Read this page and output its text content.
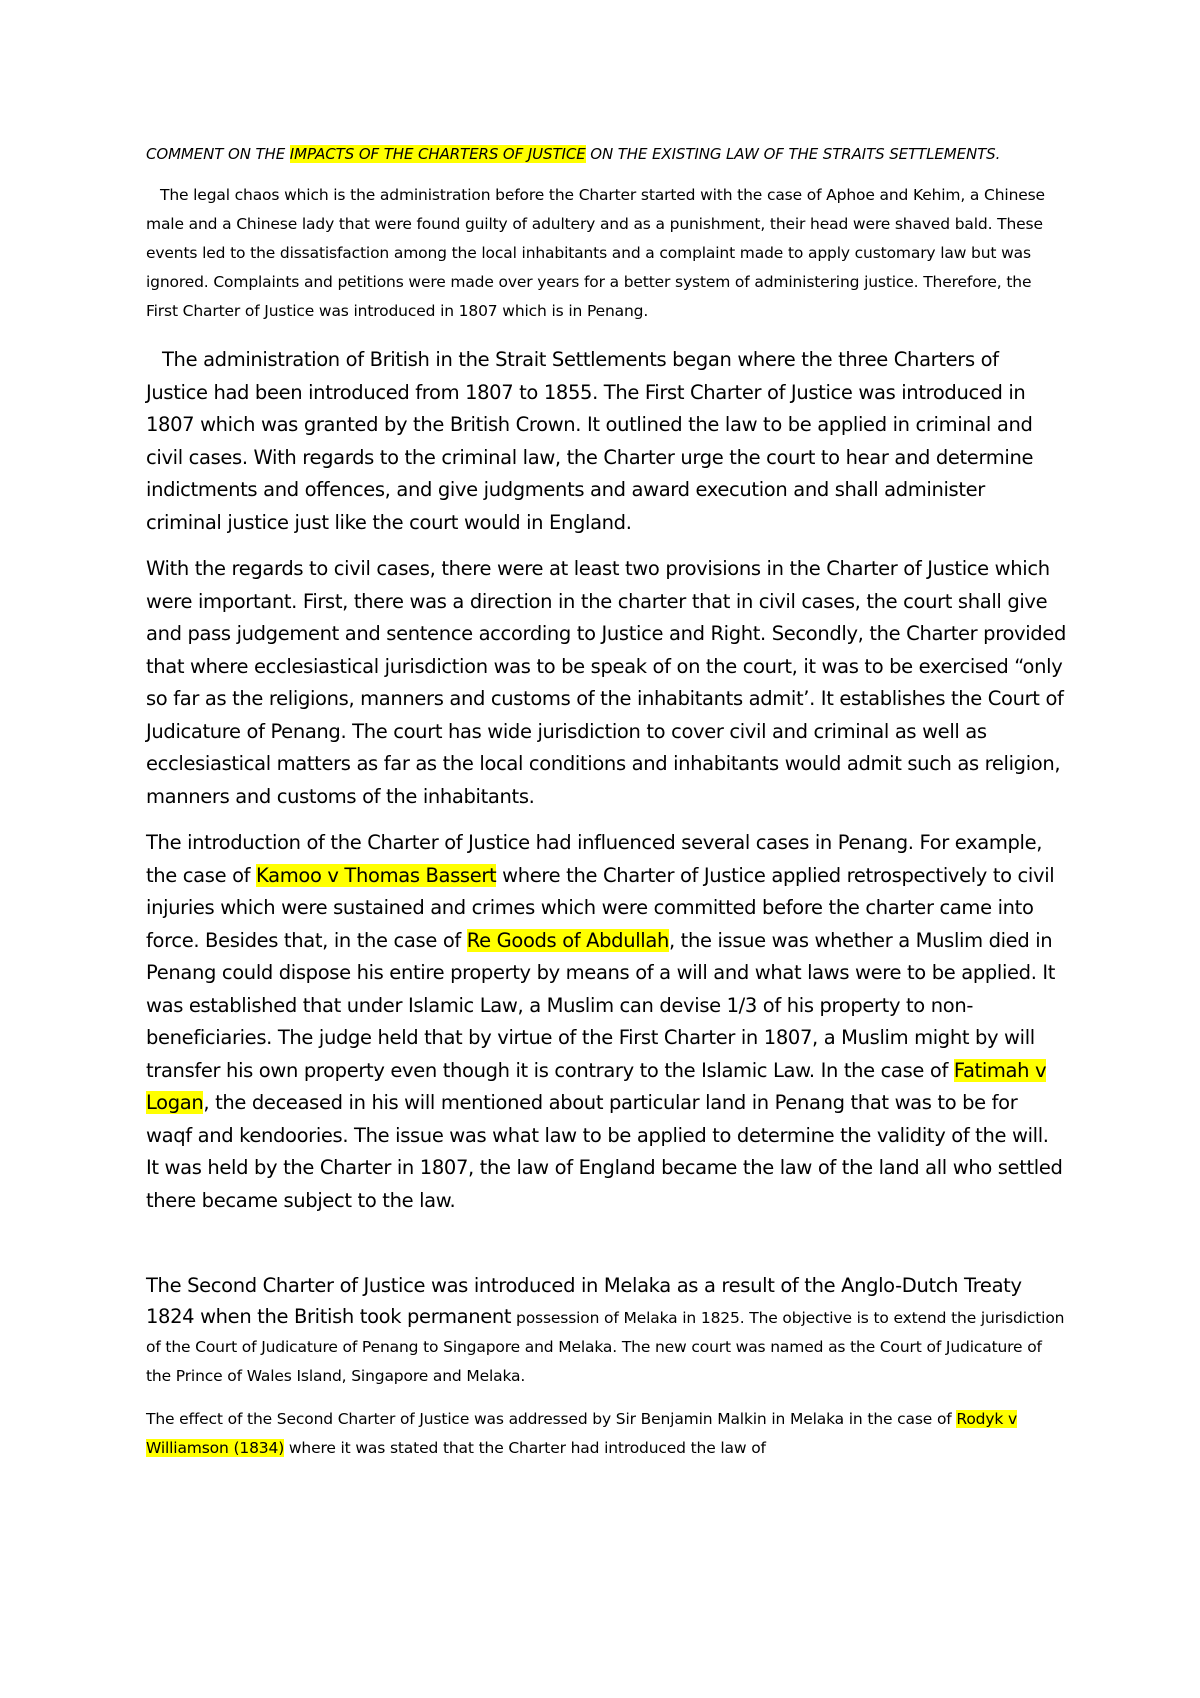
COMMENT ON THE IMPACTS OF THE CHARTERS OF JUSTICE ON THE EXISTING LAW OF THE STRAITS SETTLEMENTS.

The legal chaos which is the administration before the Charter started with the case of Aphoe and Kehim, a Chinese male and a Chinese lady that were found guilty of adultery and as a punishment, their head were shaved bald. These events led to the dissatisfaction among the local inhabitants and a complaint made to apply customary law but was ignored. Complaints and petitions were made over years for a better system of administering justice. Therefore, the First Charter of Justice was introduced in 1807 which is in Penang.

The administration of British in the Strait Settlements began where the three Charters of Justice had been introduced from 1807 to 1855. The First Charter of Justice was introduced in 1807 which was granted by the British Crown. It outlined the law to be applied in criminal and civil cases. With regards to the criminal law, the Charter urge the court to hear and determine indictments and offences, and give judgments and award execution and shall administer criminal justice just like the court would in England.

With the regards to civil cases, there were at least two provisions in the Charter of Justice which were important. First, there was a direction in the charter that in civil cases, the court shall give and pass judgement and sentence according to Justice and Right. Secondly, the Charter provided that where ecclesiastical jurisdiction was to be speak of on the court, it was to be exercised “only so far as the religions, manners and customs of the inhabitants admit’. It establishes the Court of Judicature of Penang. The court has wide jurisdiction to cover civil and criminal as well as ecclesiastical matters as far as the local conditions and inhabitants would admit such as religion, manners and customs of the inhabitants.

The introduction of the Charter of Justice had influenced several cases in Penang. For example, the case of Kamoo v Thomas Bassert where the Charter of Justice applied retrospectively to civil injuries which were sustained and crimes which were committed before the charter came into force. Besides that, in the case of Re Goods of Abdullah, the issue was whether a Muslim died in Penang could dispose his entire property by means of a will and what laws were to be applied. It was established that under Islamic Law, a Muslim can devise 1/3 of his property to non-beneficiaries. The judge held that by virtue of the First Charter in 1807, a Muslim might by will transfer his own property even though it is contrary to the Islamic Law. In the case of Fatimah v Logan, the deceased in his will mentioned about particular land in Penang that was to be for waqf and kendoories. The issue was what law to be applied to determine the validity of the will. It was held by the Charter in 1807, the law of England became the law of the land all who settled there became subject to the law.

The Second Charter of Justice was introduced in Melaka as a result of the Anglo-Dutch Treaty 1824 when the British took permanent possession of Melaka in 1825. The objective is to extend the jurisdiction of the Court of Judicature of Penang to Singapore and Melaka. The new court was named as the Court of Judicature of the Prince of Wales Island, Singapore and Melaka.

The effect of the Second Charter of Justice was addressed by Sir Benjamin Malkin in Melaka in the case of Rodyk v Williamson (1834) where it was stated that the Charter had introduced the law of
